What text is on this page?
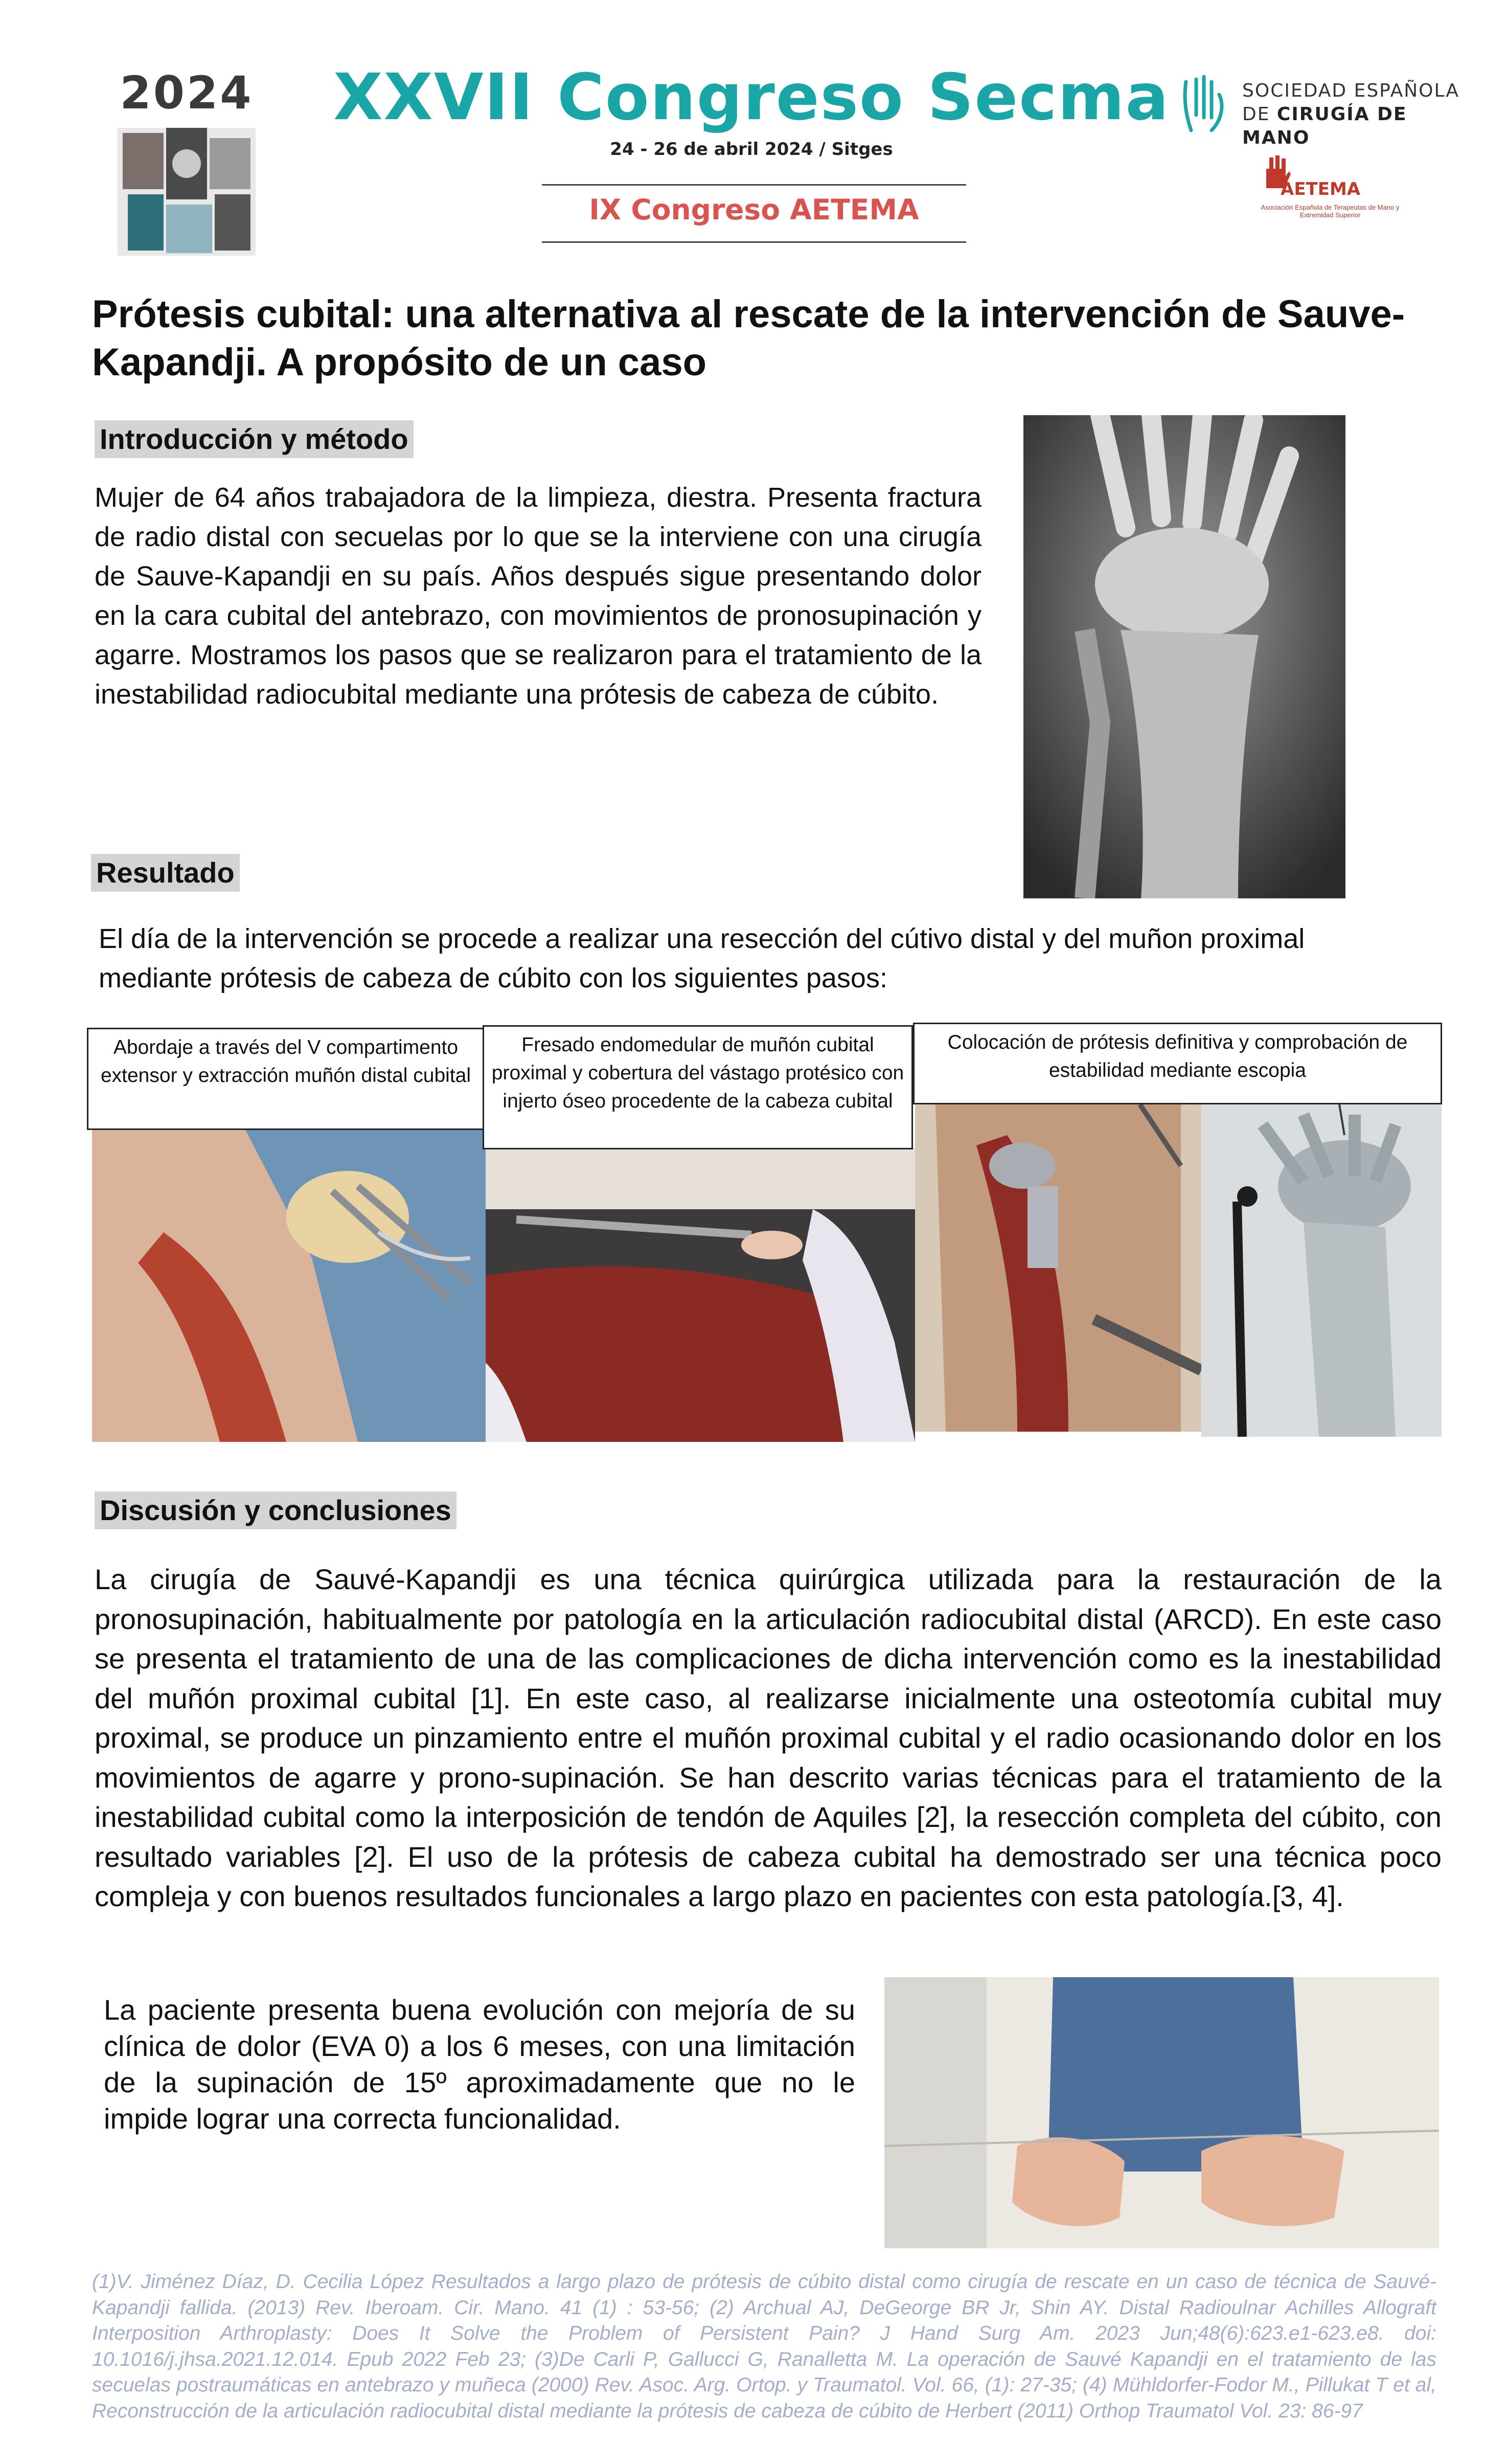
2024	XXVII Congreso Secma
24 - 26 de abril 2024 / Sitges
IX Congreso AETEMA
SOCIEDAD ESPAÑOLA
DE CIRUGÍA DE MANO
AETEMA
Asociación Española de Terapeutas de Mano y Extremidad Superior
Prótesis cubital: una alternativa al rescate de la intervención de Sauve-Kapandji. A propósito de un caso
Introducción y método
Mujer de 64 años trabajadora de la limpieza, diestra. Presenta fractura de radio distal con secuelas por lo que se la interviene con una cirugía de Sauve-Kapandji en su país. Años después sigue presentando dolor en la cara cubital del antebrazo, con movimientos de pronosupinación y agarre. Mostramos los pasos que se realizaron para el tratamiento de la inestabilidad radiocubital mediante una prótesis de cabeza de cúbito.
Resultado
El día de la intervención se procede a realizar una resección del cútivo distal y del muñon proximal mediante prótesis de cabeza de cúbito con los siguientes pasos:
Abordaje a través del V compartimento extensor y extracción muñón distal cubital
Fresado endomedular de muñón cubital proximal y cobertura del vástago protésico con injerto óseo procedente de la cabeza cubital
Colocación de prótesis definitiva y comprobación de estabilidad mediante escopia
Discusión y conclusiones
La cirugía de Sauvé-Kapandji es una técnica quirúrgica utilizada para la restauración de la pronosupinación, habitualmente por patología en la articulación radiocubital distal (ARCD). En este caso se presenta el tratamiento de una de las complicaciones de dicha intervención como es la inestabilidad del muñón proximal cubital [1]. En este caso, al realizarse inicialmente una osteotomía cubital muy proximal, se produce un pinzamiento entre el muñón proximal cubital y el radio ocasionando dolor en los movimientos de agarre y prono-supinación. Se han descrito varias técnicas para el tratamiento de la inestabilidad cubital como la interposición de tendón de Aquiles [2], la resección completa del cúbito, con resultado variables [2]. El uso de la prótesis de cabeza cubital ha demostrado ser una técnica poco compleja y con buenos resultados funcionales a largo plazo en pacientes con esta patología.[3, 4].
La paciente presenta buena evolución con mejoría de su clínica de dolor (EVA 0) a los 6 meses, con una limitación de la supinación de 15º aproximadamente que no le impide lograr una correcta funcionalidad.
(1)V. Jiménez Díaz, D. Cecilia López Resultados a largo plazo de prótesis de cúbito distal como cirugía de rescate en un caso de técnica de Sauvé-Kapandji fallida. (2013) Rev. Iberoam. Cir. Mano. 41 (1) : 53-56; (2) Archual AJ, DeGeorge BR Jr, Shin AY. Distal Radioulnar Achilles Allograft Interposition Arthroplasty: Does It Solve the Problem of Persistent Pain? J Hand Surg Am. 2023 Jun;48(6):623.e1-623.e8. doi: 10.1016/j.jhsa.2021.12.014. Epub 2022 Feb 23; (3)De Carli P, Gallucci G, Ranalletta M. La operación de Sauvé Kapandji en el tratamiento de las secuelas postraumáticas en antebrazo y muñeca (2000) Rev. Asoc. Arg. Ortop. y Traumatol. Vol. 66, (1): 27-35; (4) Mühldorfer-Fodor M., Pillukat T et al, Reconstrucción de la articulación radiocubital distal mediante la prótesis de cabeza de cúbito de Herbert (2011) Orthop Traumatol Vol. 23: 86-97
